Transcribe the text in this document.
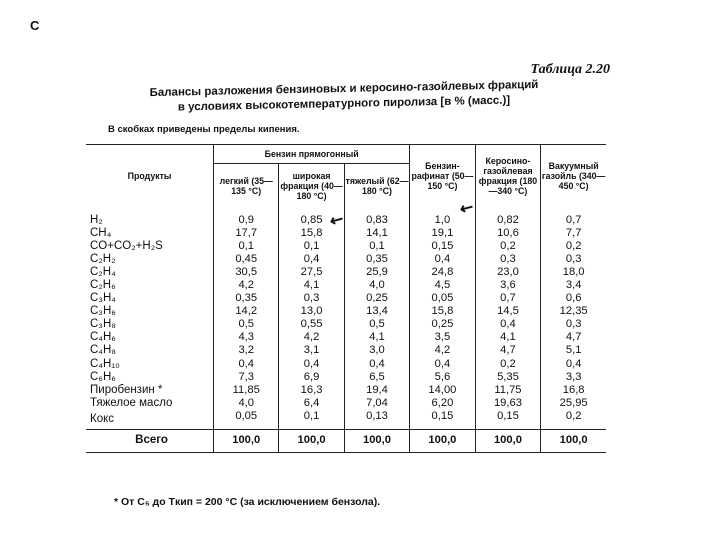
C
Таблица 2.20
Балансы разложения бензиновых и керосино-газойлевых фракций
в условиях высокотемпературного пиролиза [в % (масс.)]
В скобках приведены пределы кипения.
Продукты	Бензин прямогонный			Бензин-рафинат (50—150 °C)	Керосино-газойлевая фракция (180—340 °C)	Вакуумный газойль (340—450 °C)
	легкий (35—135 °C)	широкая фракция (40—180 °C)	тяжелый (62—180 °C)			
H₂	0,9	0,85	0,83	1,0	0,82	0,7
CH₄	17,7	15,8	14,1	19,1	10,6	7,7
CO+CO₂+H₂S	0,1	0,1	0,1	0,15	0,2	0,2
C₂H₂	0,45	0,4	0,35	0,4	0,3	0,3
C₂H₄	30,5	27,5	25,9	24,8	23,0	18,0
C₂H₆	4,2	4,1	4,0	4,5	3,6	3,4
C₃H₄	0,35	0,3	0,25	0,05	0,7	0,6
C₃H₆	14,2	13,0	13,4	15,8	14,5	12,35
C₃H₈	0,5	0,55	0,5	0,25	0,4	0,3
C₄H₆	4,3	4,2	4,1	3,5	4,1	4,7
C₄H₈	3,2	3,1	3,0	4,2	4,7	5,1
C₄H₁₀	0,4	0,4	0,4	0,4	0,2	0,4
C₆H₆	7,3	6,9	6,5	5,6	5,35	3,3
Пиробензин *	11,85	16,3	19,4	14,00	11,75	16,8
Тяжелое масло	4,0	6,4	7,04	6,20	19,63	25,95
Кокс	0,05	0,1	0,13	0,15	0,15	0,2
Всего	100,0	100,0	100,0	100,0	100,0	100,0
↙
↙
* От C₅ до Tкип = 200 °C (за исключением бензола).
